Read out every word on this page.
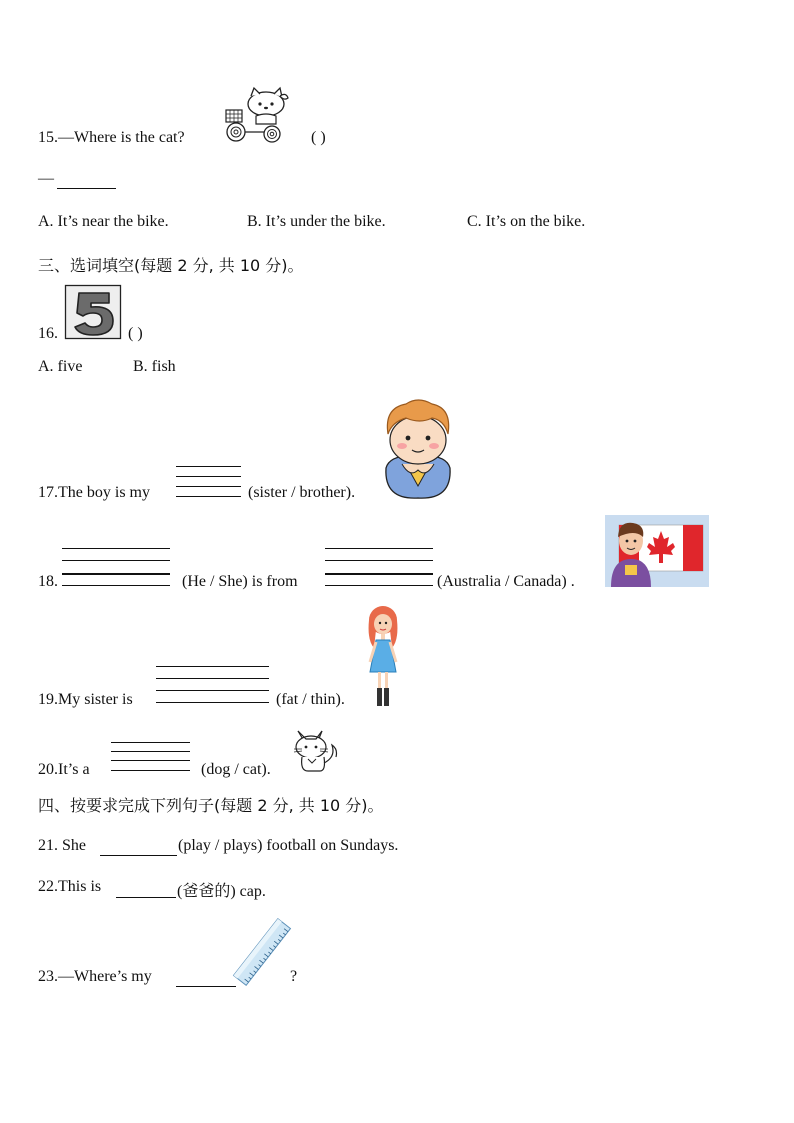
15.—Where is the cat?	( )
—
A. It’s near the bike.	B. It’s under the bike.	C. It’s on the bike.
三、选词填空(每题 2 分, 共 10 分)。
16.	( )
A. five	B. fish
17.The boy is my	(sister / brother).
18.	(He / She) is from	(Australia / Canada) .
19.My sister is	(fat / thin).
20.It’s a	(dog / cat).
四、按要求完成下列句子(每题 2 分, 共 10 分)。
21. She	(play / plays) football on Sundays.
22.This is	(爸爸的) cap.
23.—Where’s my	?
